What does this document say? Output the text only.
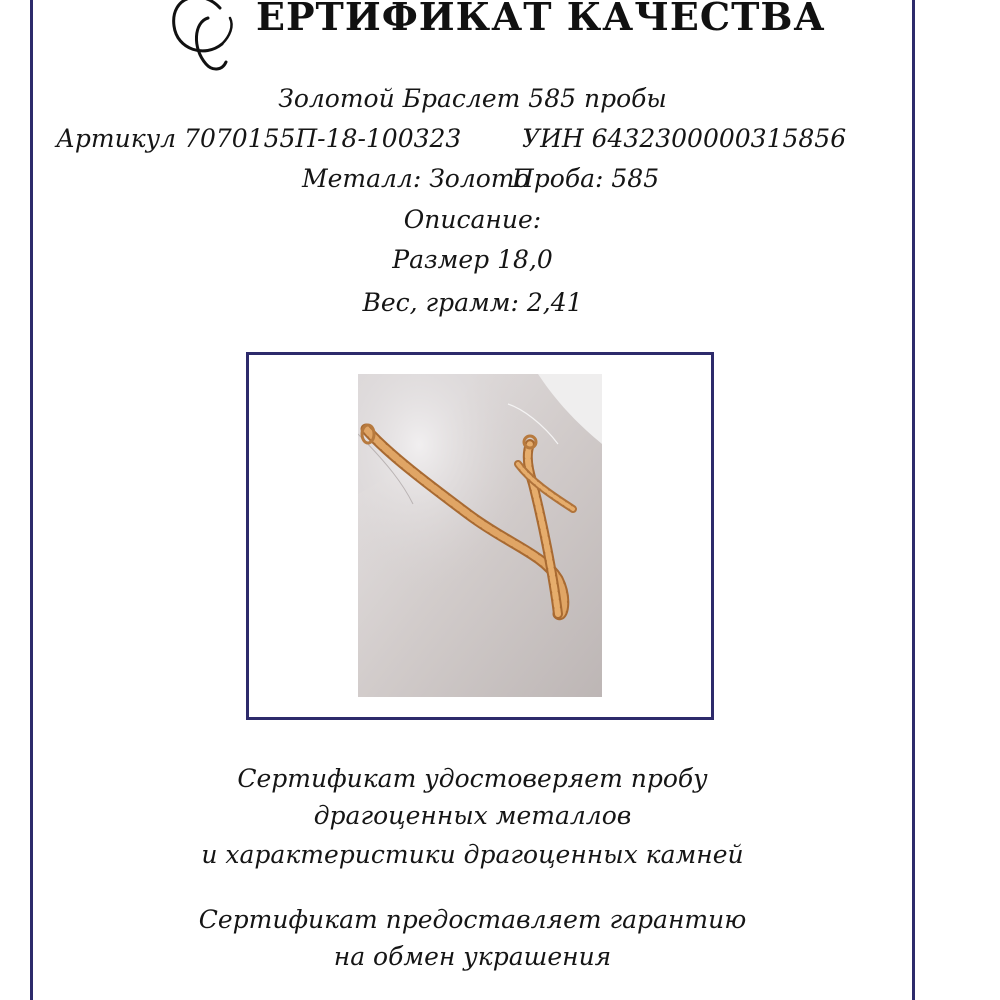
ЕРТИФИКАТ КАЧЕСТВА
Золотой Браслет 585 пробы
Артикул 7070155П-18-100323 УИН 6432300000315856
Металл: Золото
Проба: 585
Описание:
Размер 18,0
Вес, грамм: 2,41
Сертификат удостоверяет пробу
драгоценных металлов
и характеристики драгоценных камней
Сертификат предоставляет гарантию
на обмен украшения
